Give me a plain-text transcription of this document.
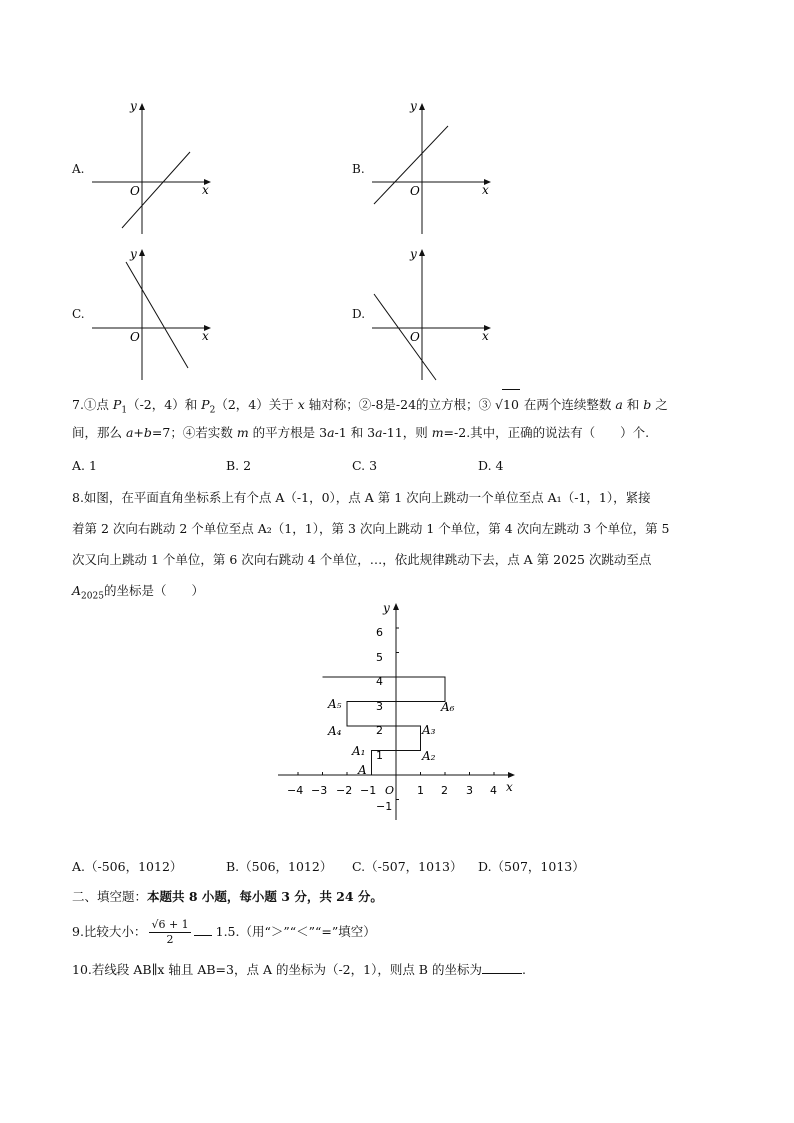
A.
y
x
O
B.
y
x
O
C.
y
x
O
D.
y
x
O
7.①点 $P_1(-2$，4）和 $P_2(2$，4）关于 x 轴对称；②-8是-24的立方根；③ √10 在两个连续整数 a 和 b 之
间，那么 a+b=7；④若实数 m 的平方根是 3a-1 和 3a-11，则 m=-2.其中，正确的说法有（　　）个.
A. 1	B. 2	C. 3	D. 4
8.如图，在平面直角坐标系上有个点 A（-1，0），点 A 第 1 次向上跳动一个单位至点 A₁（-1，1），紧接
着第 2 次向右跳动 2 个单位至点 A₂（1，1），第 3 次向上跳动 1 个单位，第 4 次向左跳动 3 个单位，第 5
次又向上跳动 1 个单位，第 6 次向右跳动 4 个单位，…，依此规律跳动下去，点 A 第 2025 次跳动至点
$A_{2025}$的坐标是（　　）
y
x
O
−4 −3 −2 −1	1 2 3 4
6
5
4
3
2
1
−1
A
A₁	A₂
A₃
A₄
A₅	A₆
A.（-506，1012）	B.（506，1012） C.（-507，1013） D.（507，1013）
二、填空题：本题共 8 小题，每小题 3 分，共 24 分。
9.比较大小： $\frac{√6 + 1}{2} 1.5$.（用“＞”“＜”“=”填空）
10.若线段 AB∥x 轴且 AB=3，点 A 的坐标为（-2，1），则点 B 的坐标为	.
